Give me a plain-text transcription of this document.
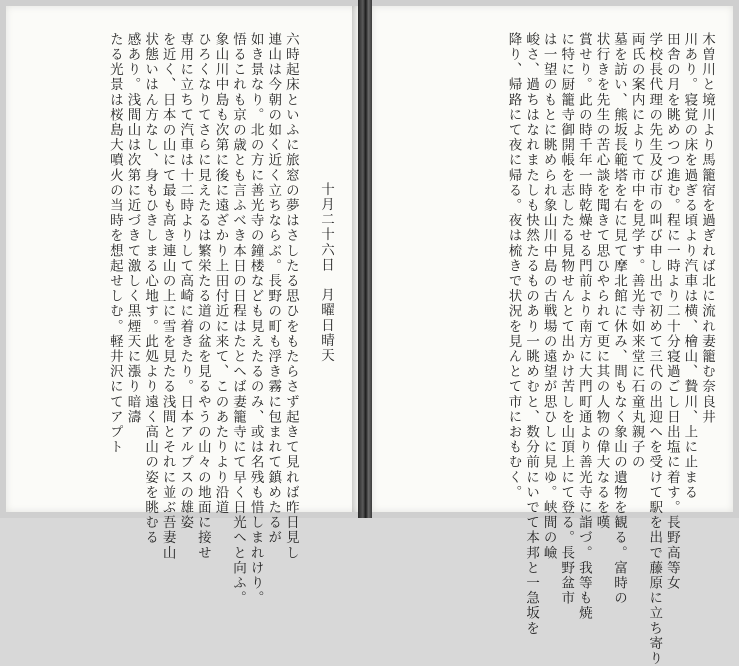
十月二十六日　月曜日晴天
六時起床といふに旅窓の夢はさしたる思ひをもたらさず起きて見れば昨日見し
連山は今朝の如く近く立ちならぶ。長野の町も浮き霧に包まれて鎮めたるが
如き景なり。北の方に善光寺の鐘楼なども見えたるのみ、或は名残も惜しまれけり。
悟るこれも京の歳とも言ふべき本日の日程はたとへば妻籠寺にて早く日光へと向ふ。
象山川中島も次第に後に遠ざかり上田付近に来て、このあたりより沿道
ひろくなりてさらに見えたるは繁栄たる道の盆を見るやうの山々の地面に接せ
専用に立ちて汽車は十二時よりして高崎に着きたり。日本アルプスの雄姿
を近く、日本の山にて最も高き連山の上に雪を見たる浅間とそれに並ぶ吾妻山
状態いはん方なし、身もひきしまる心地す。此処より遠く高山の姿を眺むる
感あり。浅間山は次第に近づきて激しく黒煙天に漲り暗濤
たる光景は桜島大噴火の当時を想起せしむ。軽井沢にてアプト	木曽川と境川より馬籠宿を過ぎれば北に流れ妻籠む奈良井
川あり。寝覚の床を過ぎる頃より汽車は横、檜山、贄川、上に止まる
田舎の月を眺めつつ進む。程に一時より二十分寝過ごし日出塩に着す。長野高等女
学校長代理の先生及び市の叫び申し出で初めて三代の出迎へを受けて駅を出で藤原に立ち寄り
両氏の案内によりて市中を見学す。善光寺如来堂に石童丸親子の
墓を訪い、熊坂長範塔を右に見て摩北館に休み、間もなく象山の遺物を観る。富時の
状行きを先生の苦心談を聞きて思ひやられて更に其の人物の偉大なるを嘆
賞せり。此の時千年一時乾燥せる門前より南方に大門町通より善光寺に詣づ。我等も焼
に特に厨籠寺御開帳を志したる見物せんとて出かけ苦しを山頂上にて登る。長野盆市
は一望のもとに眺められ象山川中島の古戦場の遠望が思ひしに見ゆ。峡間の嶮
峻さ、過ちはなれまたしも快然たるものあり一眺めむと、数分前にいでて本邦と一急坂を
降り、帰路にて夜に帰る。夜は梳きで状況を見んとて市におもむく。
